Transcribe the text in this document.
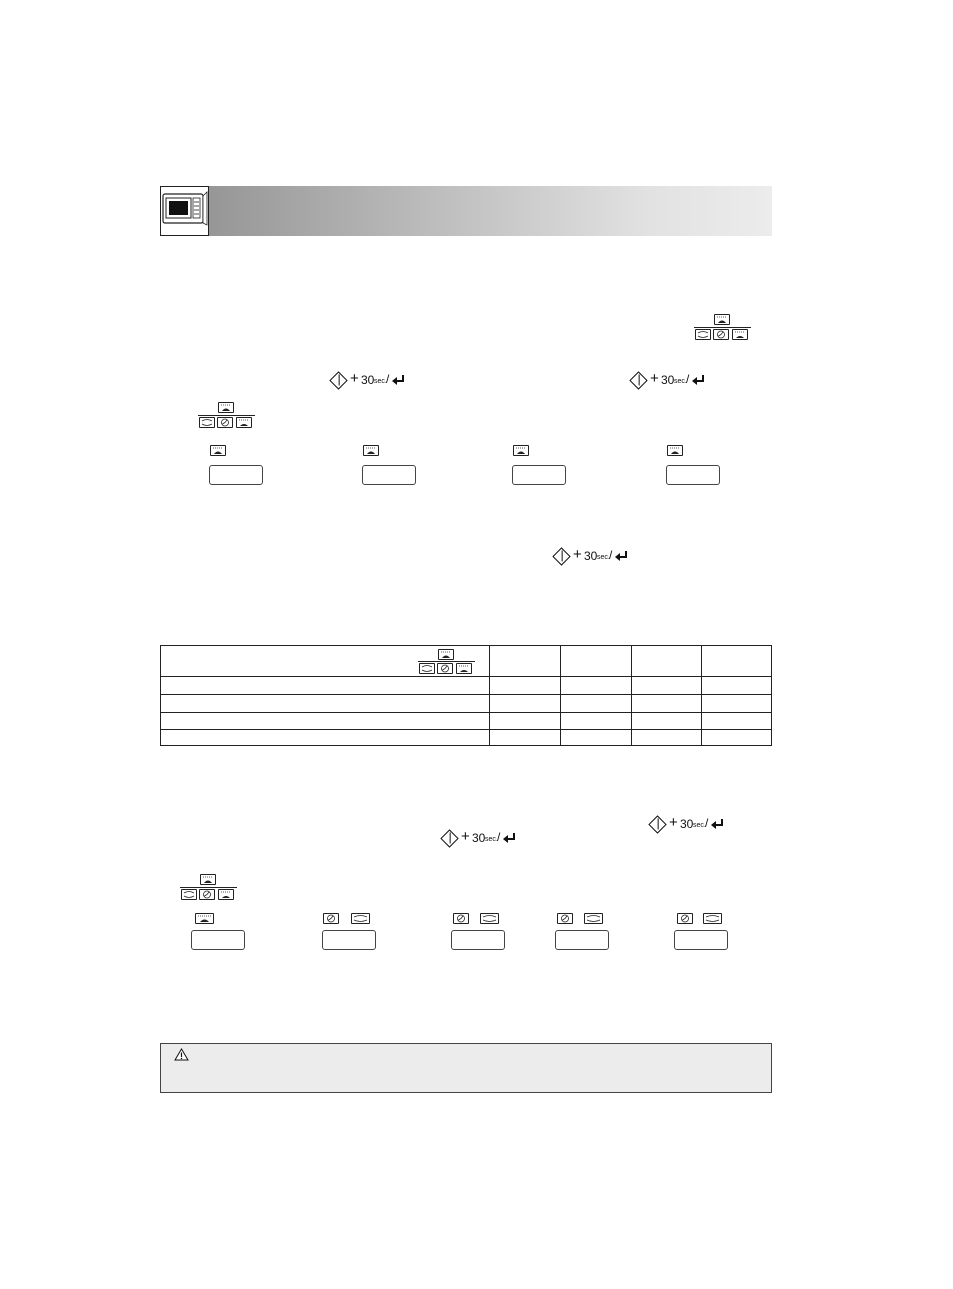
+ 30 sec. /	+ 30 sec. /
+ 30 sec. /
+ 30 sec. /
+ 30 sec. /
